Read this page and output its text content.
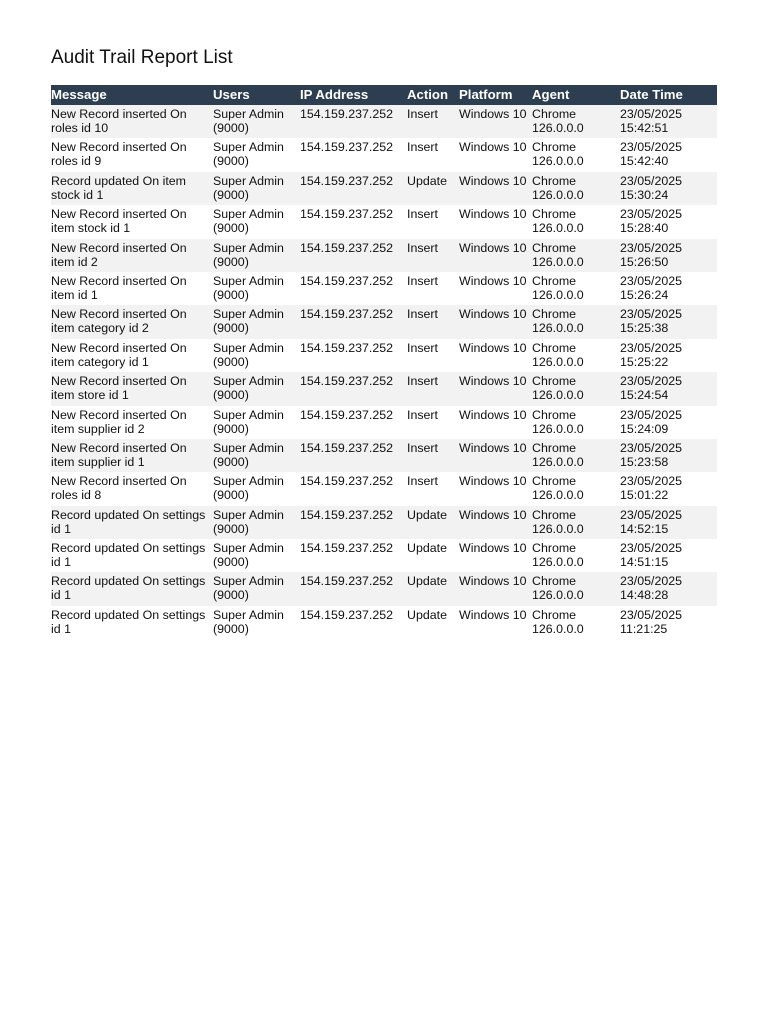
Audit Trail Report List
Message	Users	IP Address	Action	Platform	Agent	Date Time
New Record inserted On roles id 10	Super Admin (9000)	154.159.237.252	Insert	Windows 10	Chrome 126.0.0.0	23/05/2025 15:42:51
New Record inserted On roles id 9	Super Admin (9000)	154.159.237.252	Insert	Windows 10	Chrome 126.0.0.0	23/05/2025 15:42:40
Record updated On item stock id 1	Super Admin (9000)	154.159.237.252	Update	Windows 10	Chrome 126.0.0.0	23/05/2025 15:30:24
New Record inserted On item stock id 1	Super Admin (9000)	154.159.237.252	Insert	Windows 10	Chrome 126.0.0.0	23/05/2025 15:28:40
New Record inserted On item id 2	Super Admin (9000)	154.159.237.252	Insert	Windows 10	Chrome 126.0.0.0	23/05/2025 15:26:50
New Record inserted On item id 1	Super Admin (9000)	154.159.237.252	Insert	Windows 10	Chrome 126.0.0.0	23/05/2025 15:26:24
New Record inserted On item category id 2	Super Admin (9000)	154.159.237.252	Insert	Windows 10	Chrome 126.0.0.0	23/05/2025 15:25:38
New Record inserted On item category id 1	Super Admin (9000)	154.159.237.252	Insert	Windows 10	Chrome 126.0.0.0	23/05/2025 15:25:22
New Record inserted On item store id 1	Super Admin (9000)	154.159.237.252	Insert	Windows 10	Chrome 126.0.0.0	23/05/2025 15:24:54
New Record inserted On item supplier id 2	Super Admin (9000)	154.159.237.252	Insert	Windows 10	Chrome 126.0.0.0	23/05/2025 15:24:09
New Record inserted On item supplier id 1	Super Admin (9000)	154.159.237.252	Insert	Windows 10	Chrome 126.0.0.0	23/05/2025 15:23:58
New Record inserted On roles id 8	Super Admin (9000)	154.159.237.252	Insert	Windows 10	Chrome 126.0.0.0	23/05/2025 15:01:22
Record updated On settings id 1	Super Admin (9000)	154.159.237.252	Update	Windows 10	Chrome 126.0.0.0	23/05/2025 14:52:15
Record updated On settings id 1	Super Admin (9000)	154.159.237.252	Update	Windows 10	Chrome 126.0.0.0	23/05/2025 14:51:15
Record updated On settings id 1	Super Admin (9000)	154.159.237.252	Update	Windows 10	Chrome 126.0.0.0	23/05/2025 14:48:28
Record updated On settings id 1	Super Admin (9000)	154.159.237.252	Update	Windows 10	Chrome 126.0.0.0	23/05/2025 11:21:25
